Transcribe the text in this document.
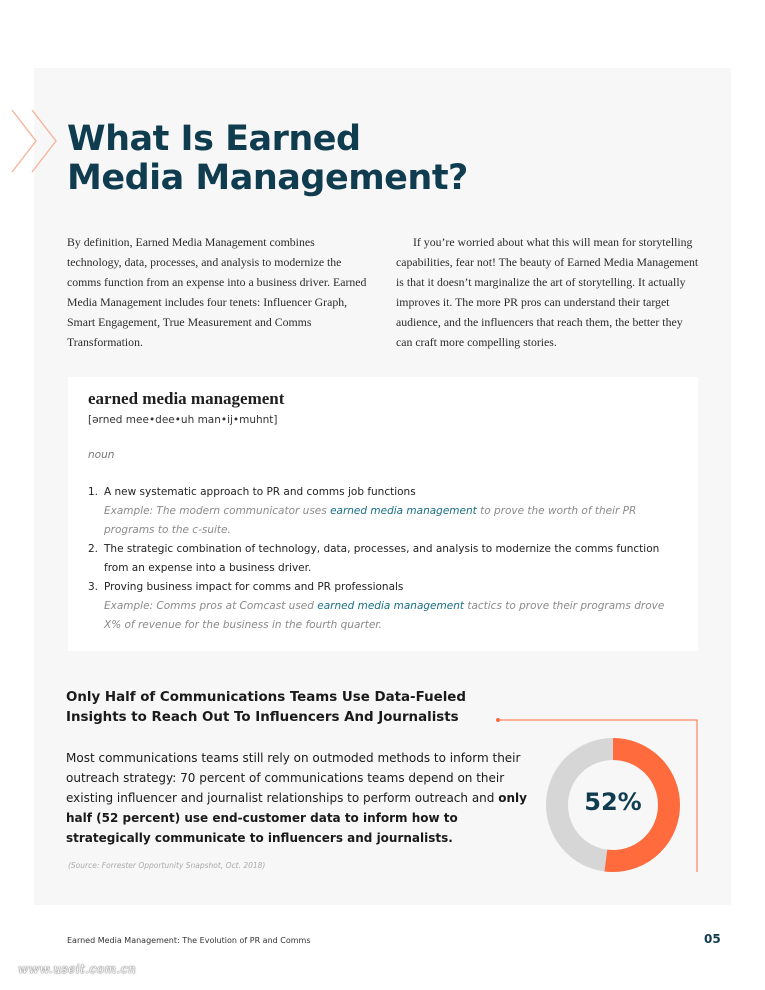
What Is Earned
Media Management?

By definition, Earned Media Management combines technology, data, processes, and analysis to modernize the comms function from an expense into a business driver. Earned Media Management includes four tenets: Influencer Graph, Smart Engagement, True Measurement and Comms Transformation.

If you’re worried about what this will mean for storytelling capabilities, fear not! The beauty of Earned Media Management is that it doesn’t marginalize the art of storytelling. It actually improves it. The more PR pros can understand their target audience, and the influencers that reach them, the better they can craft more compelling stories.

earned media management
[ərned mee•dee•uh man•ij•muhnt]
noun
1. A new systematic approach to PR and comms job functions
Example: The modern communicator uses earned media management to prove the worth of their PR programs to the c-suite.
2. The strategic combination of technology, data, processes, and analysis to modernize the comms function from an expense into a business driver.
3. Proving business impact for comms and PR professionals
Example: Comms pros at Comcast used earned media management tactics to prove their programs drove X% of revenue for the business in the fourth quarter.
Only Half of Communications Teams Use Data-Fueled Insights to Reach Out To Influencers And Journalists

Most communications teams still rely on outmoded methods to inform their outreach strategy: 70 percent of communications teams depend on their existing influencer and journalist relationships to perform outreach and only half (52 percent) use end-customer data to inform how to strategically communicate to influencers and journalists.

(Source: Forrester Opportunity Snapshot, Oct. 2018)
52%
Earned Media Management: The Evolution of PR and Comms	05
www.useit.com.cn
